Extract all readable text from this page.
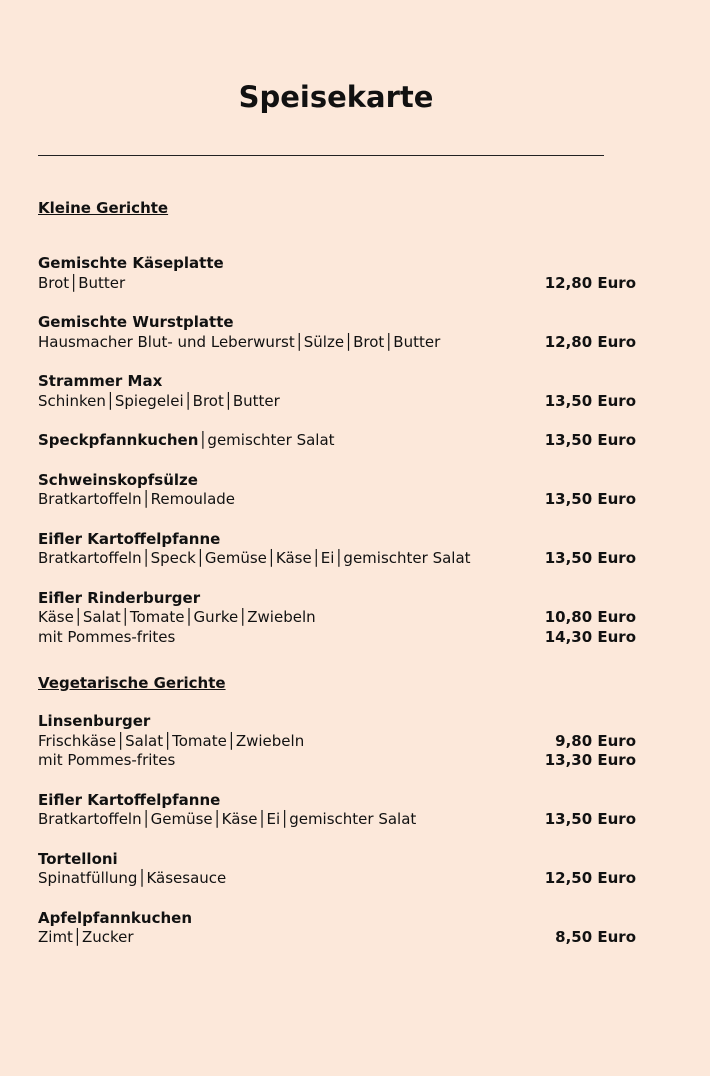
Speisekarte
Kleine Gerichte
Gemischte Käseplatte
Brot│Butter	12,80 Euro
Gemischte Wurstplatte
Hausmacher Blut- und Leberwurst│Sülze│Brot│Butter	12,80 Euro
Strammer Max
Schinken│Spiegelei│Brot│Butter	13,50 Euro
Speckpfannkuchen│gemischter Salat	13,50 Euro
Schweinskopfsülze
Bratkartoffeln│Remoulade	13,50 Euro
Eifler Kartoffelpfanne
Bratkartoffeln│Speck│Gemüse│Käse│Ei│gemischter Salat	13,50 Euro
Eifler Rinderburger
Käse│Salat│Tomate│Gurke│Zwiebeln	10,80 Euro
mit Pommes-frites	14,30 Euro
Vegetarische Gerichte
Linsenburger
Frischkäse│Salat│Tomate│Zwiebeln	9,80 Euro
mit Pommes-frites	13,30 Euro
Eifler Kartoffelpfanne
Bratkartoffeln│Gemüse│Käse│Ei│gemischter Salat	13,50 Euro
Tortelloni
Spinatfüllung│Käsesauce	12,50 Euro
Apfelpfannkuchen
Zimt│Zucker	8,50 Euro
